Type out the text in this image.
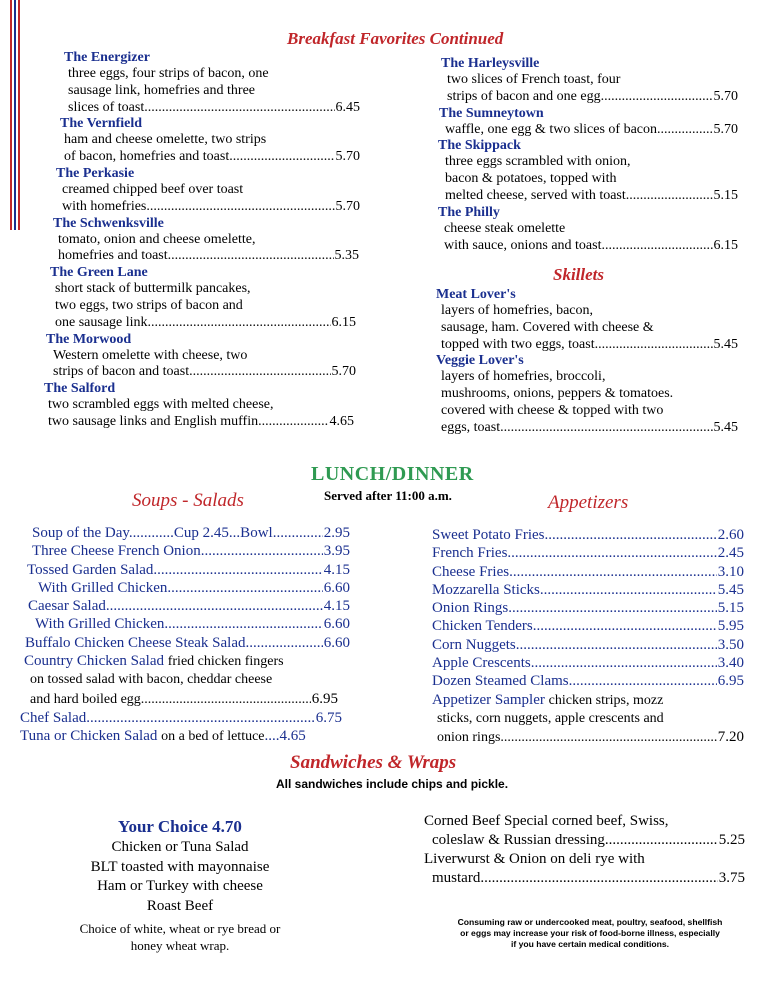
Breakfast Favorites Continued
The Energizer
three eggs, four strips of bacon, one
sausage link, homefries and three
slices of toast .....	6.45
The Vernfield
ham and cheese omelette, two strips
of bacon, homefries and toast .....	5.70
The Perkasie
creamed chipped beef over toast
with homefries .....	5.70
The Schwenksville
tomato, onion and cheese omelette,
homefries and toast .....	5.35
The Green Lane
short stack of buttermilk pancakes,
two eggs, two strips of bacon and
one sausage link .....	6.15
The Morwood
Western omelette with cheese, two
strips of bacon and toast .....	5.70
The Salford
two scrambled eggs with melted cheese,
two sausage links and English muffin .....	4.65
The Harleysville
two slices of French toast, four
strips of bacon and one egg .....	5.70
The Sumneytown
waffle, one egg & two slices of bacon .....	5.70
The Skippack
three eggs scrambled with onion,
bacon & potatoes, topped with
melted cheese, served with toast .....	5.15
The Philly
cheese steak omelette
with sauce, onions and toast .....	6.15
Skillets
Meat Lover's
layers of homefries, bacon,
sausage, ham. Covered with cheese &
topped with two eggs, toast .....	5.45
Veggie Lover's
layers of homefries, broccoli,
mushrooms, onions, peppers & tomatoes.
covered with cheese & topped with two
eggs, toast .....	5.45
LUNCH/DINNER
Served after 11:00 a.m.
Soups - Salads	Appetizers
Soup of the Day............Cup 2.45...Bowl .....	2.95
Three Cheese French Onion .....	3.95
Tossed Garden Salad .....	4.15
With Grilled Chicken .....	6.60
Caesar Salad .....	4.15
With Grilled Chicken .....	6.60
Buffalo Chicken Cheese Steak Salad .....	6.60
Country Chicken Salad fried chicken fingers
on tossed salad with bacon, cheddar cheese
and hard boiled egg .....	6.95
Chef Salad .....	6.75
Tuna or Chicken Salad on a bed of lettuce....4.65
Sweet Potato Fries .....	2.60
French Fries .....	2.45
Cheese Fries .....	3.10
Mozzarella Sticks .....	5.45
Onion Rings .....	5.15
Chicken Tenders .....	5.95
Corn Nuggets .....	3.50
Apple Crescents .....	3.40
Dozen Steamed Clams .....	6.95
Appetizer Sampler chicken strips, mozz
sticks, corn nuggets, apple crescents and
onion rings .....	7.20
Sandwiches & Wraps
All sandwiches include chips and pickle.
Your Choice 4.70
Chicken or Tuna Salad
BLT toasted with mayonnaise
Ham or Turkey with cheese
Roast Beef
Choice of white, wheat or rye bread or
honey wheat wrap.
Corned Beef Special corned beef, Swiss,
coleslaw & Russian dressing .....	5.25
Liverwurst & Onion on deli rye with
mustard .....	3.75
Consuming raw or undercooked meat, poultry, seafood, shellfish
or eggs may increase your risk of food-borne illness, especially
if you have certain medical conditions.
